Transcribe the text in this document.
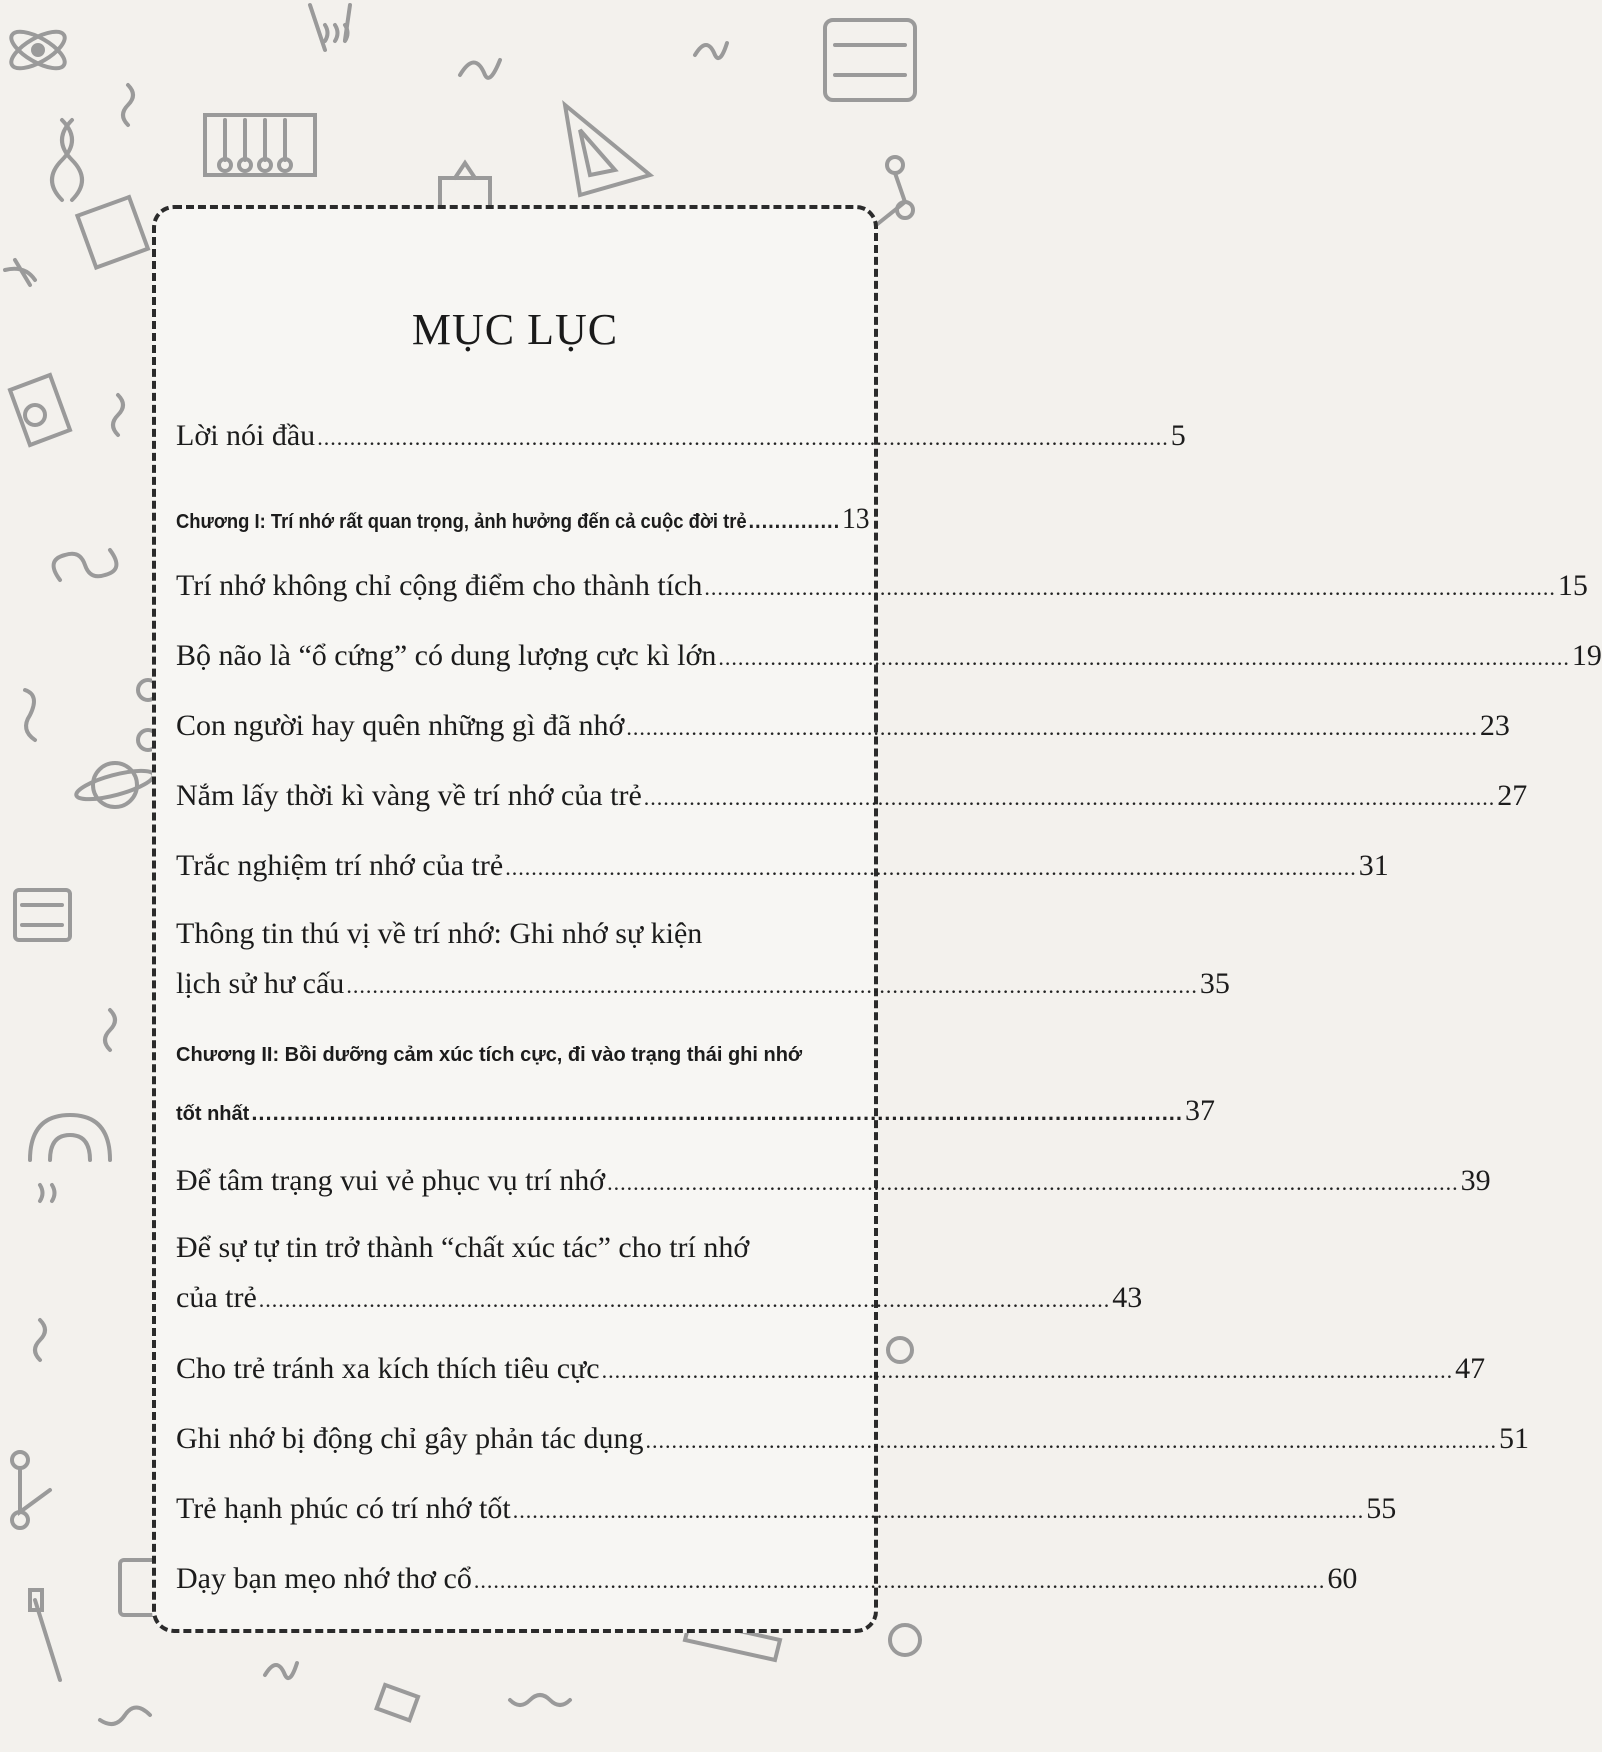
MỤC LỤC
Lời nói đầu ................................................................................................................................... 5
Chương I: Trí nhớ rất quan trọng, ảnh hưởng đến cả cuộc đời trẻ .............. 13
Trí nhớ không chỉ cộng điểm cho thành tích ................................................................................................................................... 15
Bộ não là “ổ cứng” có dung lượng cực kì lớn ................................................................................................................................... 19
Con người hay quên những gì đã nhớ ................................................................................................................................... 23
Nắm lấy thời kì vàng về trí nhớ của trẻ ................................................................................................................................... 27
Trắc nghiệm trí nhớ của trẻ ................................................................................................................................... 31
Thông tin thú vị về trí nhớ: Ghi nhớ sự kiện
lịch sử hư cấu ................................................................................................................................... 35
Chương II: Bồi dưỡng cảm xúc tích cực, đi vào trạng thái ghi nhớ
tốt nhất ................................................................................................................................... 37
Để tâm trạng vui vẻ phục vụ trí nhớ ................................................................................................................................... 39
Để sự tự tin trở thành “chất xúc tác” cho trí nhớ
của trẻ ................................................................................................................................... 43
Cho trẻ tránh xa kích thích tiêu cực ................................................................................................................................... 47
Ghi nhớ bị động chỉ gây phản tác dụng ................................................................................................................................... 51
Trẻ hạnh phúc có trí nhớ tốt ................................................................................................................................... 55
Dạy bạn mẹo nhớ thơ cổ ................................................................................................................................... 60
